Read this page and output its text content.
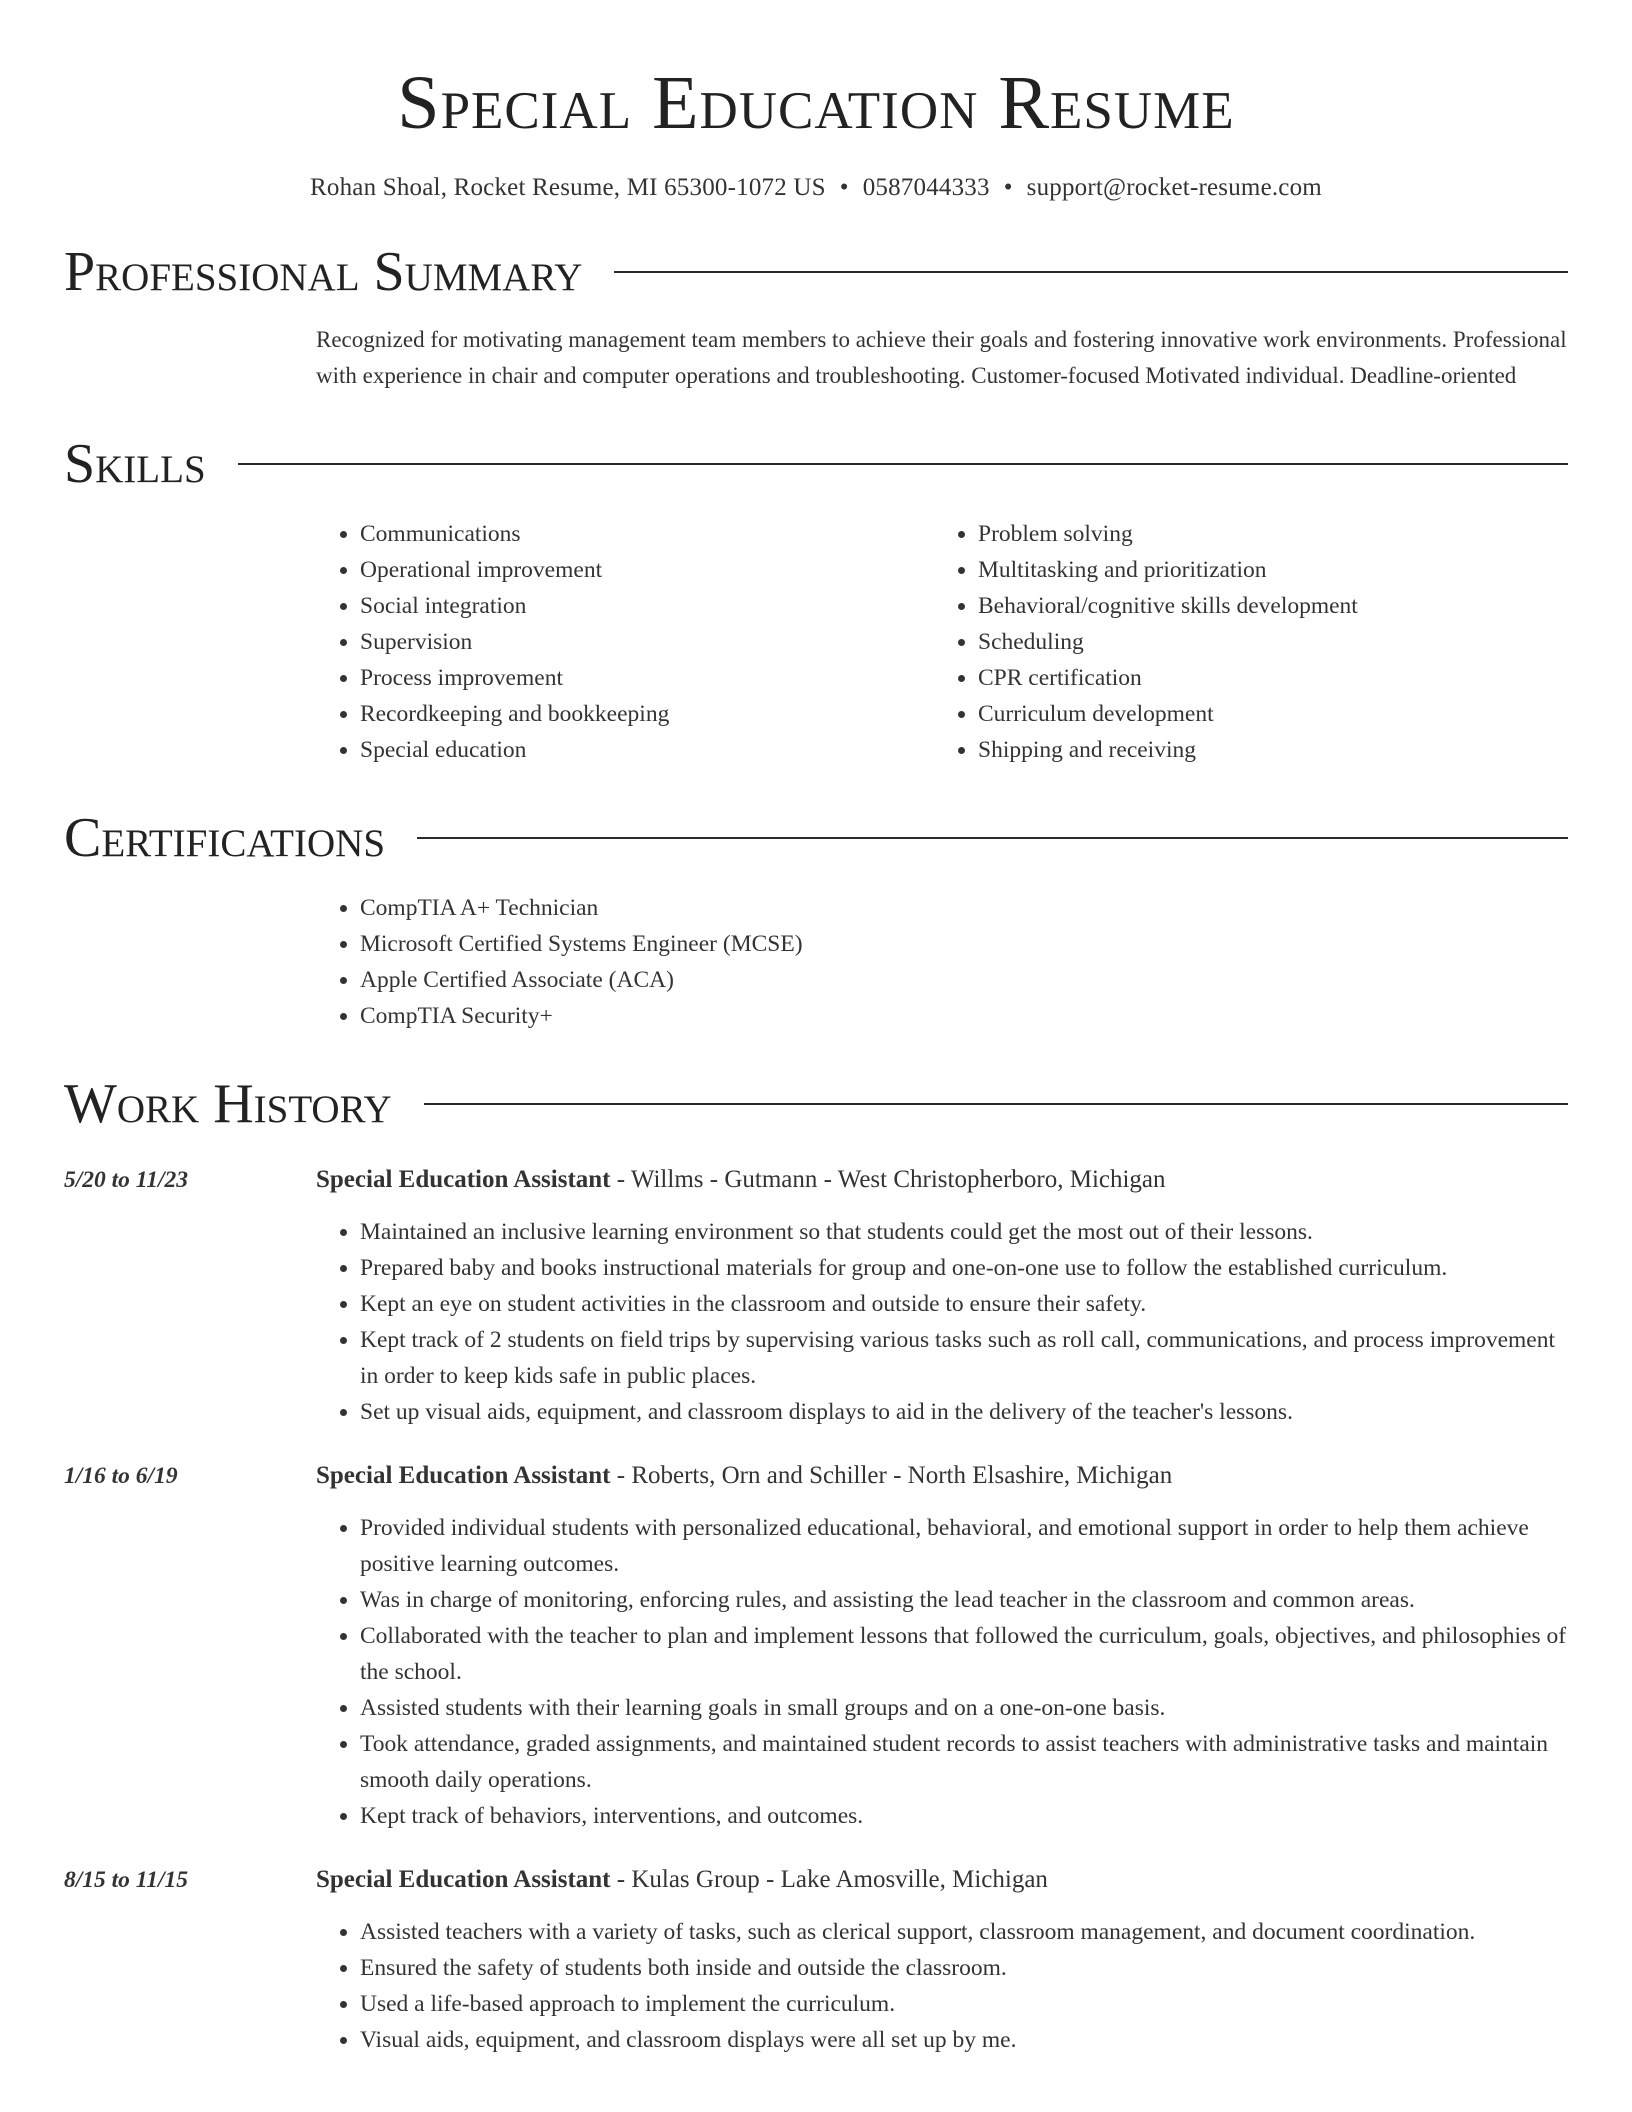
Special Education Resume
Rohan Shoal, Rocket Resume, MI 65300-1072 US • 0587044333 • support@rocket-resume.com
Professional Summary
Recognized for motivating management team members to achieve their goals and fostering innovative work environments. Professional with experience in chair and computer operations and troubleshooting. Customer-focused Motivated individual. Deadline-oriented
Skills
• Communications
• Operational improvement
• Social integration
• Supervision
• Process improvement
• Recordkeeping and bookkeeping
• Special education
• Problem solving
• Multitasking and prioritization
• Behavioral/cognitive skills development
• Scheduling
• CPR certification
• Curriculum development
• Shipping and receiving
Certifications
• CompTIA A+ Technician
• Microsoft Certified Systems Engineer (MCSE)
• Apple Certified Associate (ACA)
• CompTIA Security+
Work History
5/20 to 11/23	Special Education Assistant - Willms - Gutmann - West Christopherboro, Michigan
• Maintained an inclusive learning environment so that students could get the most out of their lessons.
• Prepared baby and books instructional materials for group and one-on-one use to follow the established curriculum.
• Kept an eye on student activities in the classroom and outside to ensure their safety.
• Kept track of 2 students on field trips by supervising various tasks such as roll call, communications, and process improvement in order to keep kids safe in public places.
• Set up visual aids, equipment, and classroom displays to aid in the delivery of the teacher's lessons.
1/16 to 6/19	Special Education Assistant - Roberts, Orn and Schiller - North Elsashire, Michigan
• Provided individual students with personalized educational, behavioral, and emotional support in order to help them achieve positive learning outcomes.
• Was in charge of monitoring, enforcing rules, and assisting the lead teacher in the classroom and common areas.
• Collaborated with the teacher to plan and implement lessons that followed the curriculum, goals, objectives, and philosophies of the school.
• Assisted students with their learning goals in small groups and on a one-on-one basis.
• Took attendance, graded assignments, and maintained student records to assist teachers with administrative tasks and maintain smooth daily operations.
• Kept track of behaviors, interventions, and outcomes.
8/15 to 11/15	Special Education Assistant - Kulas Group - Lake Amosville, Michigan
• Assisted teachers with a variety of tasks, such as clerical support, classroom management, and document coordination.
• Ensured the safety of students both inside and outside the classroom.
• Used a life-based approach to implement the curriculum.
• Visual aids, equipment, and classroom displays were all set up by me.
